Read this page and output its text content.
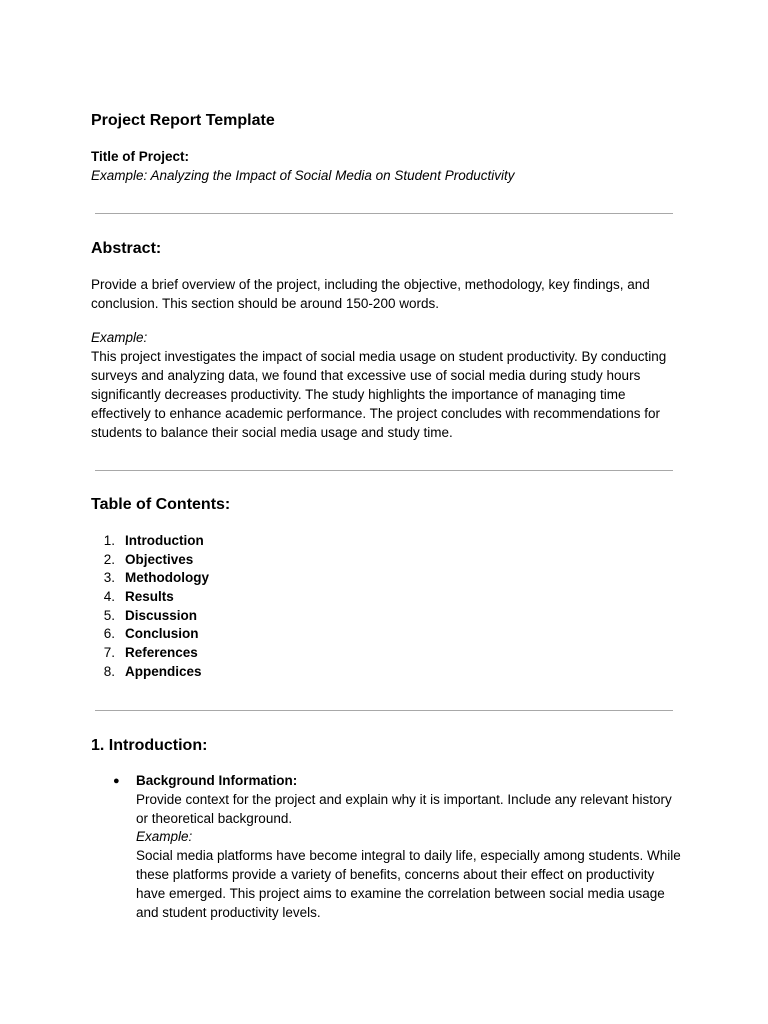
Project Report Template
Title of Project:
Example: Analyzing the Impact of Social Media on Student Productivity
Abstract:

Provide a brief overview of the project, including the objective, methodology, key findings, and conclusion. This section should be around 150-200 words.

Example:
This project investigates the impact of social media usage on student productivity. By conducting surveys and analyzing data, we found that excessive use of social media during study hours significantly decreases productivity. The study highlights the importance of managing time effectively to enhance academic performance. The project concludes with recommendations for students to balance their social media usage and study time.
Table of Contents:
1. Introduction
2. Objectives
3. Methodology
4. Results
5. Discussion
6. Conclusion
7. References
8. Appendices
1. Introduction:
● Background Information:
Provide context for the project and explain why it is important. Include any relevant history or theoretical background.
Example:
Social media platforms have become integral to daily life, especially among students. While these platforms provide a variety of benefits, concerns about their effect on productivity have emerged. This project aims to examine the correlation between social media usage and student productivity levels.
